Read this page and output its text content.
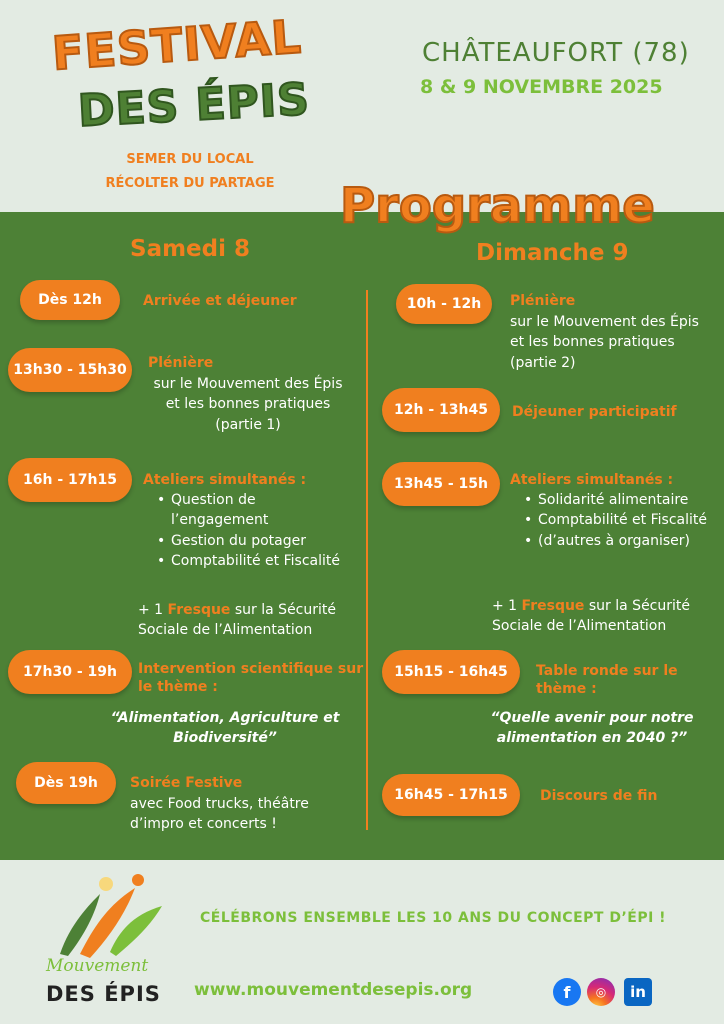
FESTIVAL
DES ÉPIS
SEMER DU LOCAL
RÉCOLTER DU PARTAGE
CHÂTEAUFORT (78)
8 & 9 NOVEMBRE 2025
Programme
Samedi 8	Dimanche 9
Dès 12h	Arrivée et déjeuner
13h30 - 15h30	Plénière
sur le Mouvement des Épis et les bonnes pratiques (partie 1)
16h - 17h15	Ateliers simultanés :
• Question de l’engagement
• Gestion du potager
• Comptabilité et Fiscalité
+ 1 Fresque sur la Sécurité Sociale de l’Alimentation
17h30 - 19h	Intervention scientifique sur le thème :
“Alimentation, Agriculture et Biodiversité”
Dès 19h	Soirée Festive
avec Food trucks, théâtre d’impro et concerts !
10h - 12h	Plénière
sur le Mouvement des Épis et les bonnes pratiques (partie 2)
12h - 13h45	Déjeuner participatif
13h45 - 15h	Ateliers simultanés :
• Solidarité alimentaire
• Comptabilité et Fiscalité
• (d’autres à organiser)
+ 1 Fresque sur la Sécurité Sociale de l’Alimentation
15h15 - 16h45	Table ronde sur le thème :
“Quelle avenir pour notre alimentation en 2040 ?”
16h45 - 17h15	Discours de fin
Mouvement
DES ÉPIS
CÉLÉBRONS ENSEMBLE LES 10 ANS DU CONCEPT D’ÉPI !
www.mouvementdesepis.org	f	◎	in
